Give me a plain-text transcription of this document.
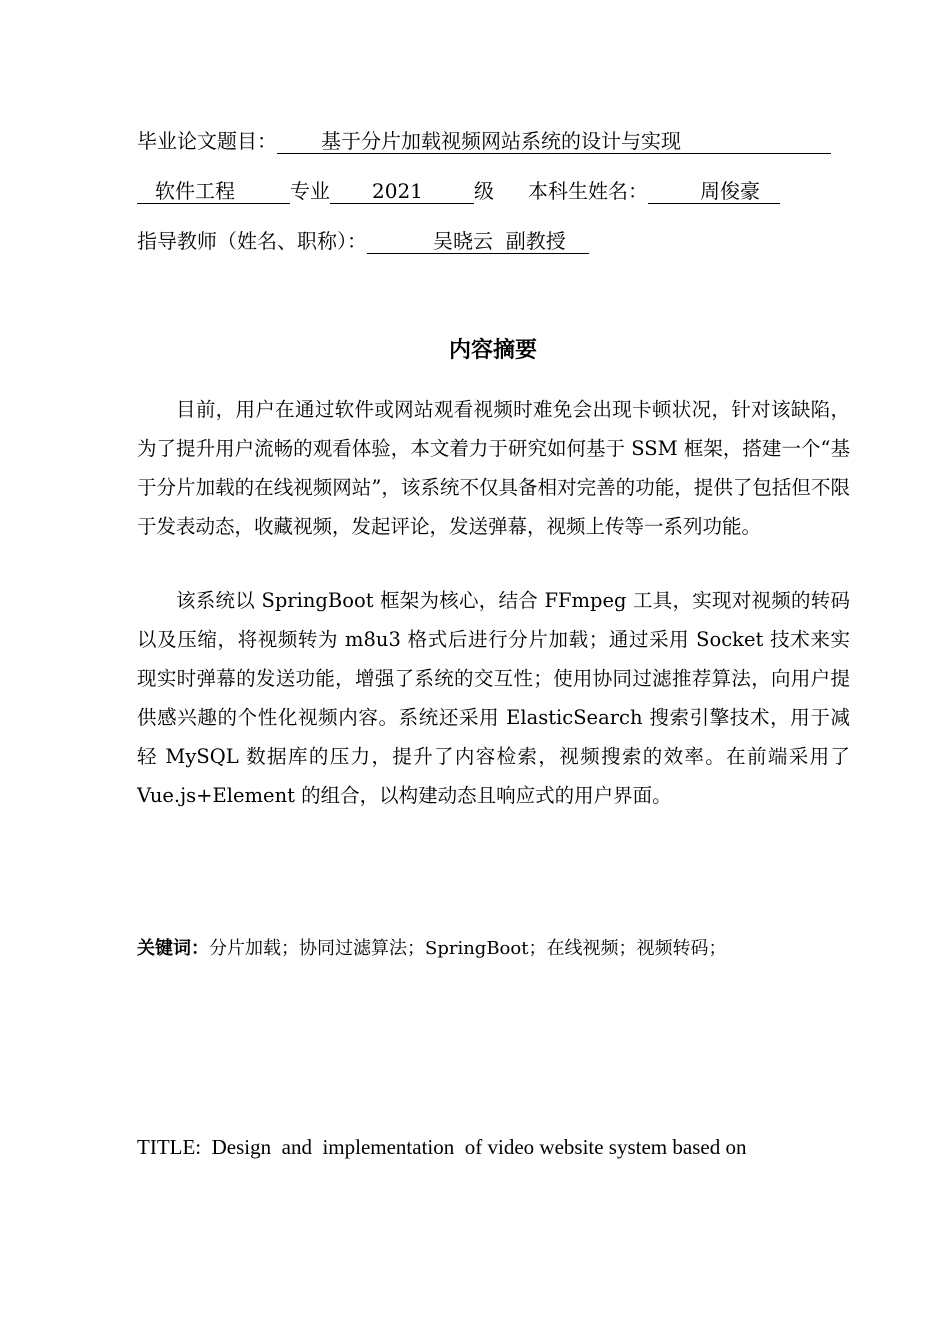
毕业论文题目： 基于分片加载视频网站系统的设计与实现
软件工程	专业 2021	级 本科生姓名：	周俊豪
指导教师（姓名、职称）：	吴晓云  副教授
内容摘要

目前，用户在通过软件或网站观看视频时难免会出现卡顿状况，针对该缺陷，为了提升用户流畅的观看体验，本文着力于研究如何基于 SSM 框架，搭建一个“基于分片加载的在线视频网站”，该系统不仅具备相对完善的功能，提供了包括但不限于发表动态，收藏视频，发起评论，发送弹幕，视频上传等一系列功能。

该系统以 SpringBoot 框架为核心，结合 FFmpeg 工具，实现对视频的转码以及压缩，将视频转为 m8u3 格式后进行分片加载；通过采用 Socket 技术来实现实时弹幕的发送功能，增强了系统的交互性；使用协同过滤推荐算法，向用户提供感兴趣的个性化视频内容。系统还采用 ElasticSearch 搜索引擎技术，用于减轻 MySQL 数据库的压力，提升了内容检索，视频搜索的效率。在前端采用了 Vue.js+Element 的组合，以构建动态且响应式的用户界面。

关键词：分片加载；协同过滤算法；SpringBoot；在线视频；视频转码；
TITLE:  Design  and  implementation  of video website system based on
